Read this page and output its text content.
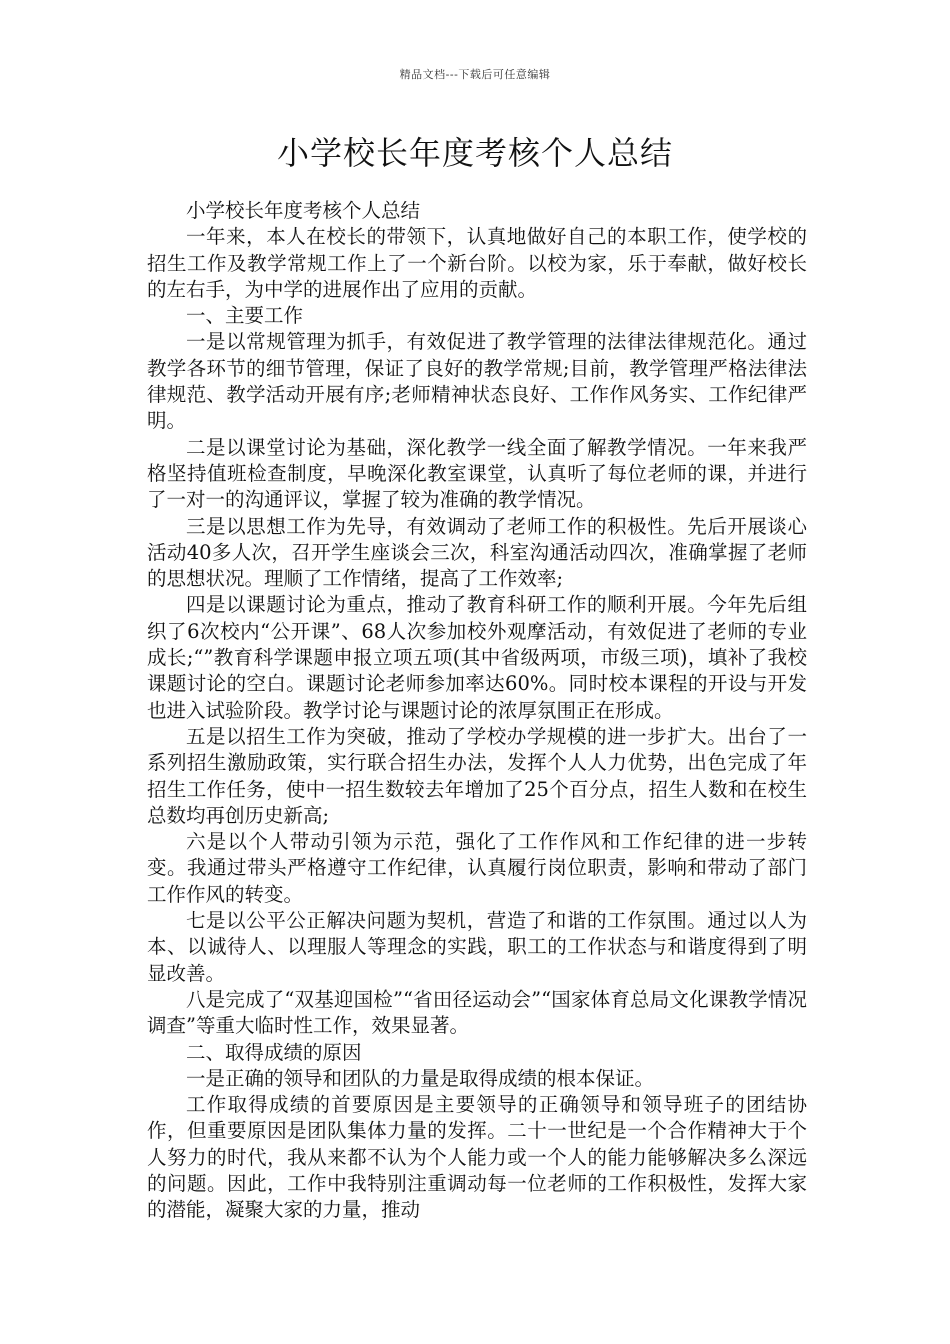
精品文档---下载后可任意编辑
小学校长年度考核个人总结

小学校长年度考核个人总结

一年来，本人在校长的带领下，认真地做好自己的本职工作，使学校的招生工作及教学常规工作上了一个新台阶。以校为家，乐于奉献，做好校长的左右手，为中学的进展作出了应用的贡献。

一、主要工作

一是以常规管理为抓手，有效促进了教学管理的法律法律规范化。通过教学各环节的细节管理，保证了良好的教学常规;目前，教学管理严格法律法律规范、教学活动开展有序;老师精神状态良好、工作作风务实、工作纪律严明。

二是以课堂讨论为基础，深化教学一线全面了解教学情况。一年来我严格坚持值班检查制度，早晚深化教室课堂，认真听了每位老师的课，并进行了一对一的沟通评议，掌握了较为准确的教学情况。

三是以思想工作为先导，有效调动了老师工作的积极性。先后开展谈心活动40多人次，召开学生座谈会三次，科室沟通活动四次，准确掌握了老师的思想状况。理顺了工作情绪，提高了工作效率;

四是以课题讨论为重点，推动了教育科研工作的顺利开展。今年先后组织了6次校内“公开课”、68人次参加校外观摩活动，有效促进了老师的专业成长;“”教育科学课题申报立项五项(其中省级两项，市级三项)，填补了我校课题讨论的空白。课题讨论老师参加率达60%。同时校本课程的开设与开发也进入试验阶段。教学讨论与课题讨论的浓厚氛围正在形成。

五是以招生工作为突破，推动了学校办学规模的进一步扩大。出台了一系列招生激励政策，实行联合招生办法，发挥个人人力优势，出色完成了年招生工作任务，使中一招生数较去年增加了25个百分点，招生人数和在校生总数均再创历史新高;

六是以个人带动引领为示范，强化了工作作风和工作纪律的进一步转变。我通过带头严格遵守工作纪律，认真履行岗位职责，影响和带动了部门工作作风的转变。

七是以公平公正解决问题为契机，营造了和谐的工作氛围。通过以人为本、以诚待人、以理服人等理念的实践，职工的工作状态与和谐度得到了明显改善。

八是完成了“双基迎国检”“省田径运动会”“国家体育总局文化课教学情况调查”等重大临时性工作，效果显著。

二、取得成绩的原因

一是正确的领导和团队的力量是取得成绩的根本保证。

工作取得成绩的首要原因是主要领导的正确领导和领导班子的团结协作，但重要原因是团队集体力量的发挥。二十一世纪是一个合作精神大于个人努力的时代，我从来都不认为个人能力或一个人的能力能够解决多么深远的问题。因此，工作中我特别注重调动每一位老师的工作积极性，发挥大家的潜能，凝聚大家的力量，推动
